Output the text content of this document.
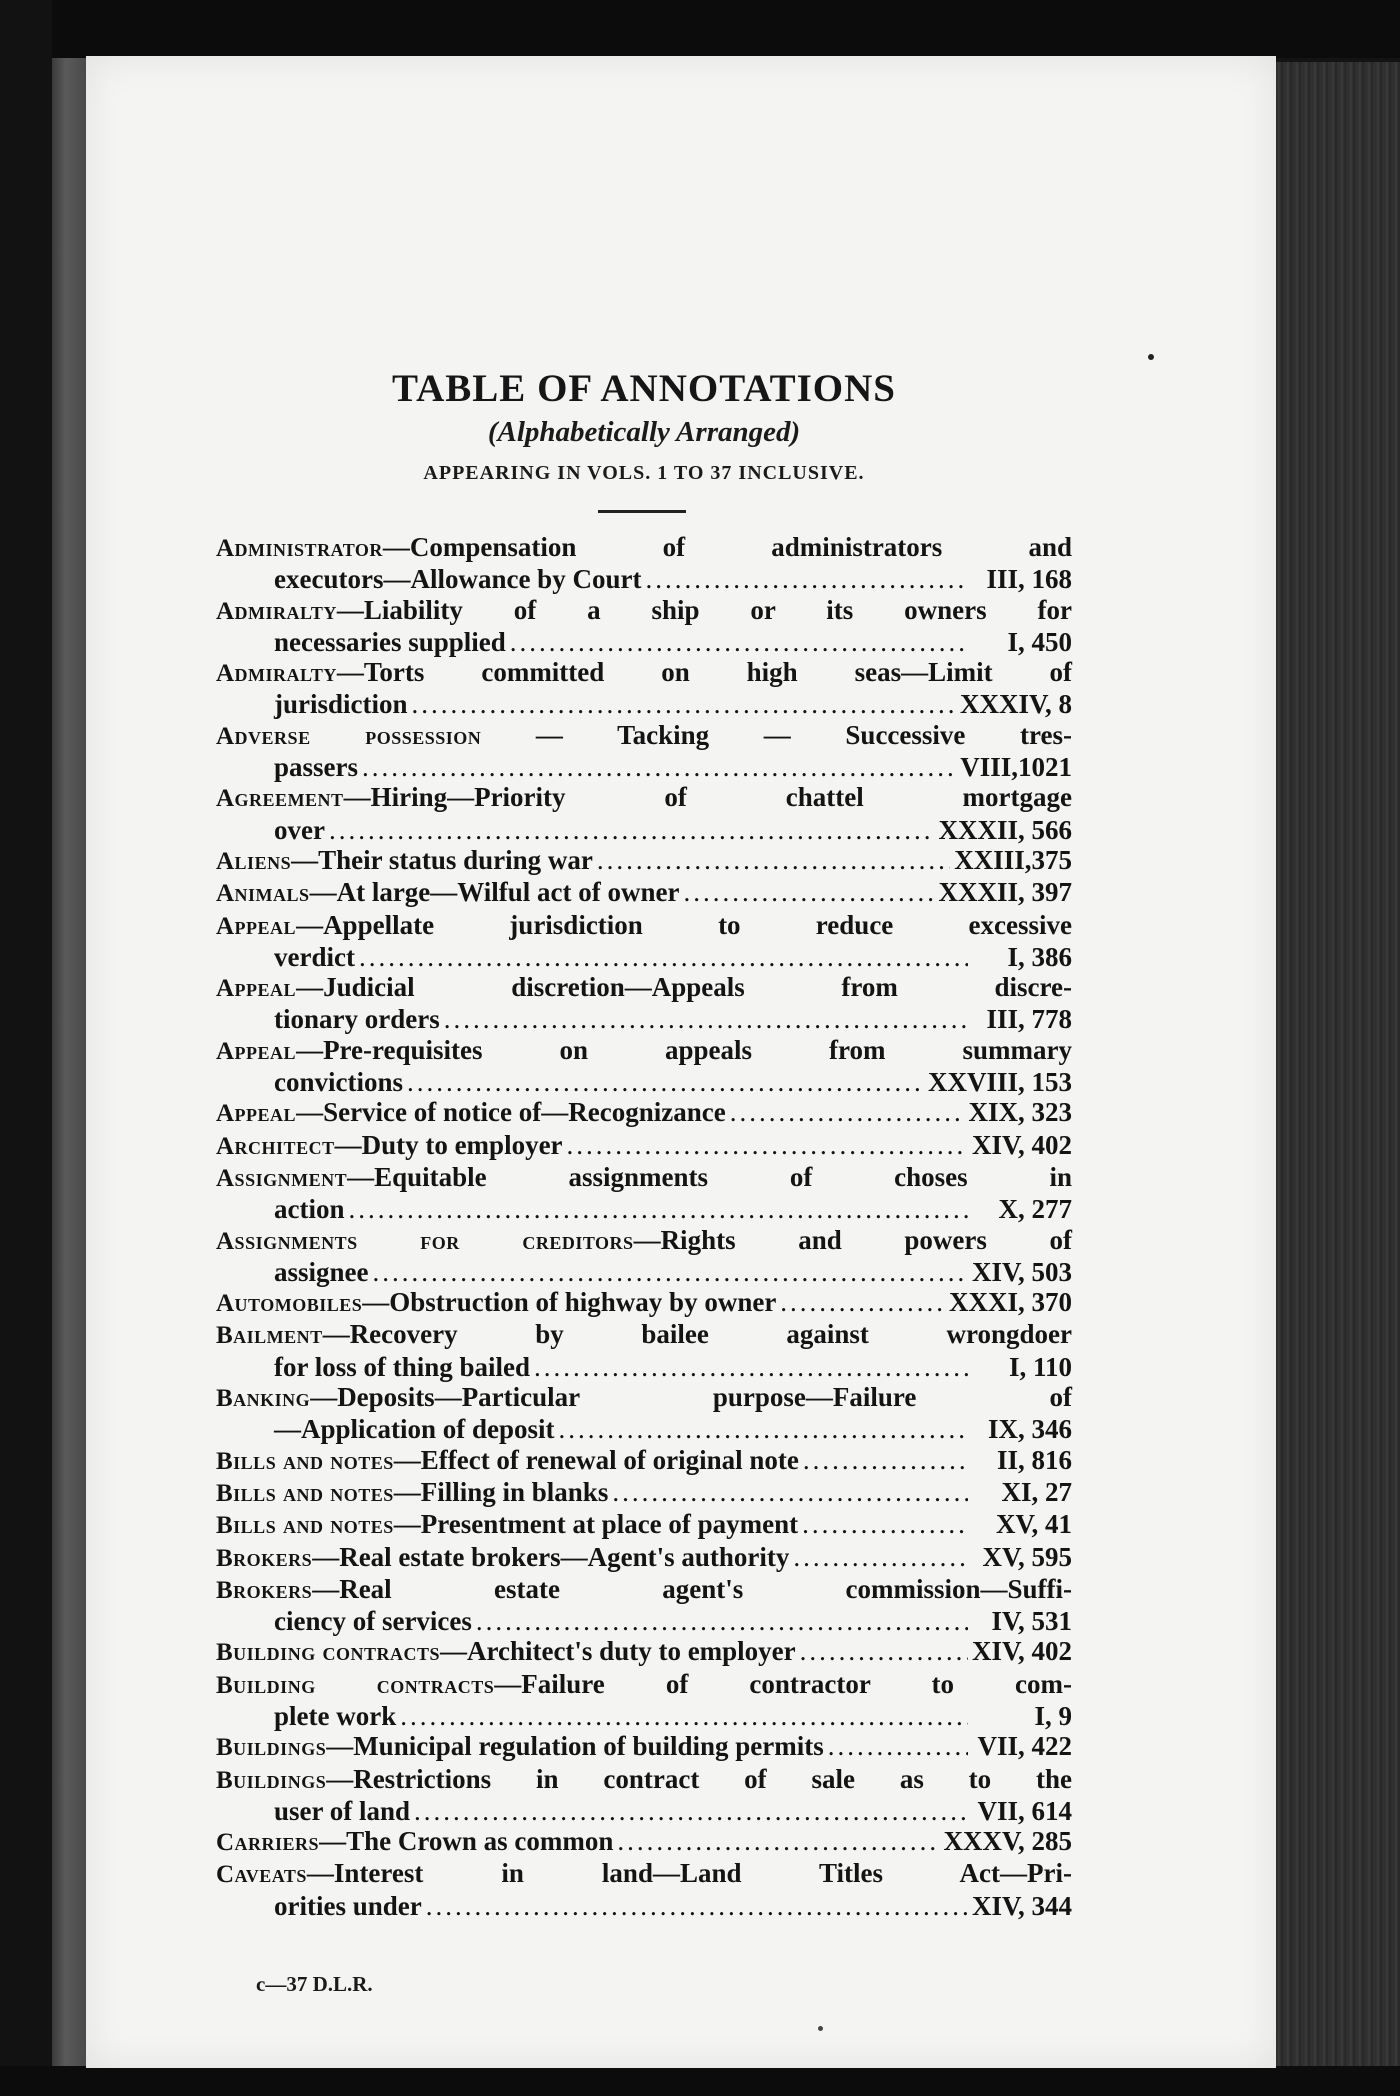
TABLE OF ANNOTATIONS
(Alphabetically Arranged)
APPEARING IN VOLS. 1 TO 37 INCLUSIVE.
Administrator—Compensation of administrators and
executors—Allowance by Court .....	III, 168
Admiralty—Liability of a ship or its owners for
necessaries supplied .....	I, 450
Admiralty—Torts committed on high seas—Limit of
jurisdiction .....	XXXIV, 8
Adverse possession — Tacking — Successive tres-
passers .....	VIII,1021
Agreement—Hiring—Priority of chattel mortgage
over .....	XXXII, 566
Aliens—Their status during war .....	XXIII,375
Animals—At large—Wilful act of owner .....	XXXII, 397
Appeal—Appellate jurisdiction to reduce excessive
verdict .....	I, 386
Appeal—Judicial discretion—Appeals from discre-
tionary orders .....	III, 778
Appeal—Pre-requisites on appeals from summary
convictions .....	XXVIII, 153
Appeal—Service of notice of—Recognizance .....	XIX, 323
Architect—Duty to employer .....	XIV, 402
Assignment—Equitable assignments of choses in
action .....	X, 277
Assignments for creditors—Rights and powers of
assignee .....	XIV, 503
Automobiles—Obstruction of highway by owner .....	XXXI, 370
Bailment—Recovery by bailee against wrongdoer
for loss of thing bailed .....	I, 110
Banking—Deposits—Particular purpose—Failure of
—Application of deposit .....	IX, 346
Bills and notes—Effect of renewal of original note .....	II, 816
Bills and notes—Filling in blanks .....	XI, 27
Bills and notes—Presentment at place of payment .....	XV, 41
Brokers—Real estate brokers—Agent's authority .....	XV, 595
Brokers—Real estate agent's commission—Suffi-
ciency of services .....	IV, 531
Building contracts—Architect's duty to employer .....	XIV, 402
Building contracts—Failure of contractor to com-
plete work .....	I, 9
Buildings—Municipal regulation of building permits .....	VII, 422
Buildings—Restrictions in contract of sale as to the
user of land .....	VII, 614
Carriers—The Crown as common .....	XXXV, 285
Caveats—Interest in land—Land Titles Act—Pri-
orities under .....	XIV, 344
c—37 D.L.R.
